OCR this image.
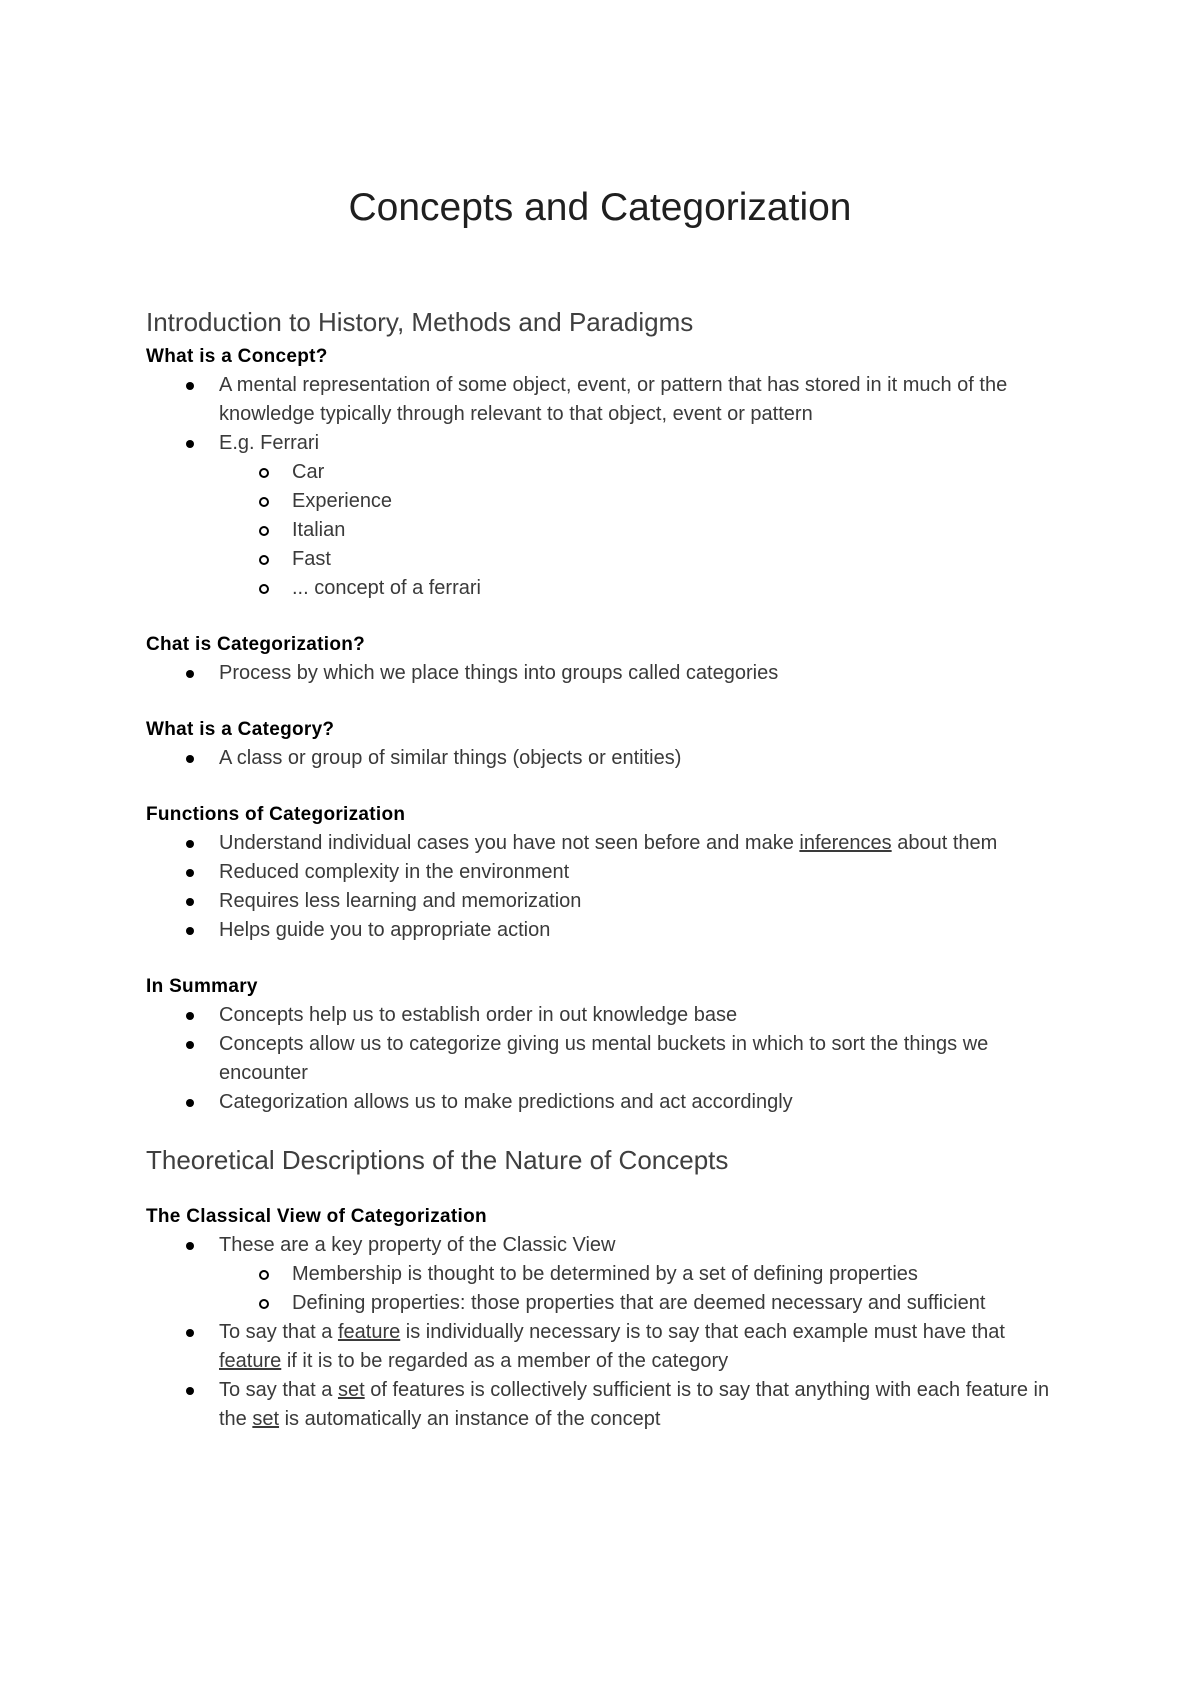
Concepts and Categorization
Introduction to History, Methods and Paradigms
What is a Concept?
A mental representation of some object, event, or pattern that has stored in it much of the knowledge typically through relevant to that object, event or pattern
E.g. Ferrari
Car
Experience
Italian
Fast
... concept of a ferrari
Chat is Categorization?
Process by which we place things into groups called categories
What is a Category?
A class or group of similar things (objects or entities)
Functions of Categorization
Understand individual cases you have not seen before and make inferences about them
Reduced complexity in the environment
Requires less learning and memorization
Helps guide you to appropriate action
In Summary
Concepts help us to establish order in out knowledge base
Concepts allow us to categorize giving us mental buckets in which to sort the things we encounter
Categorization allows us to make predictions and act accordingly
Theoretical Descriptions of the Nature of Concepts
The Classical View of Categorization
These are a key property of the Classic View
Membership is thought to be determined by a set of defining properties
Defining properties: those properties that are deemed necessary and sufficient
To say that a feature is individually necessary is to say that each example must have that feature if it is to be regarded as a member of the category
To say that a set of features is collectively sufficient is to say that anything with each feature in the set is automatically an instance of the concept
